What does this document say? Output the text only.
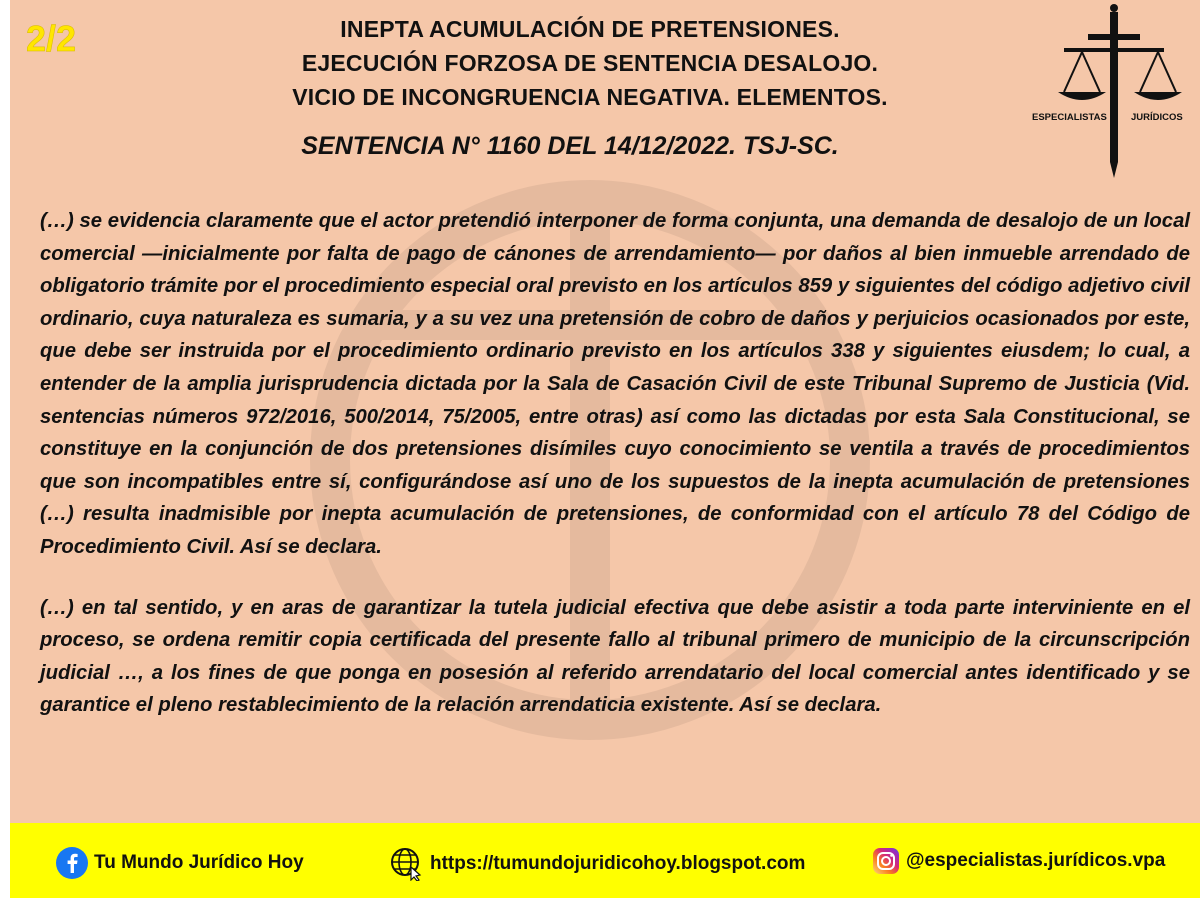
2/2	INEPTA ACUMULACIÓN DE PRETENSIONES.
EJECUCIÓN FORZOSA DE SENTENCIA DESALOJO.
VICIO DE INCONGRUENCIA NEGATIVA. ELEMENTOS.
SENTENCIA N° 1160 DEL 14/12/2022. TSJ-SC.
ESPECIALISTAS	JURÍDICOS

(…) se evidencia claramente que el actor pretendió interponer de forma conjunta, una demanda de desalojo de un local comercial —inicialmente por falta de pago de cánones de arrendamiento— por daños al bien inmueble arrendado de obligatorio trámite por el procedimiento especial oral previsto en los artículos 859 y siguientes del código adjetivo civil ordinario, cuya naturaleza es sumaria, y a su vez una pretensión de cobro de daños y perjuicios ocasionados por este, que debe ser instruida por el procedimiento ordinario previsto en los artículos 338 y siguientes eiusdem; lo cual, a entender de la amplia jurisprudencia dictada por la Sala de Casación Civil de este Tribunal Supremo de Justicia (Vid. sentencias números 972/2016, 500/2014, 75/2005, entre otras) así como las dictadas por esta Sala Constitucional, se constituye en la conjunción de dos pretensiones disímiles cuyo conocimiento se ventila a través de procedimientos que son incompatibles entre sí, configurándose así uno de los supuestos de la inepta acumulación de pretensiones (…) resulta inadmisible por inepta acumulación de pretensiones, de conformidad con el artículo 78 del Código de Procedimiento Civil. Así se declara.

(…) en tal sentido, y en aras de garantizar la tutela judicial efectiva que debe asistir a toda parte interviniente en el proceso, se ordena remitir copia certificada del presente fallo al tribunal primero de municipio de la circunscripción judicial …, a los fines de que ponga en posesión al referido arrendatario del local comercial antes identificado y se garantice el pleno restablecimiento de la relación arrendaticia existente. Así se declara.

Tu Mundo Jurídico Hoy	https://tumundojuridicohoy.blogspot.com	@especialistas.jurídicos.vpa
